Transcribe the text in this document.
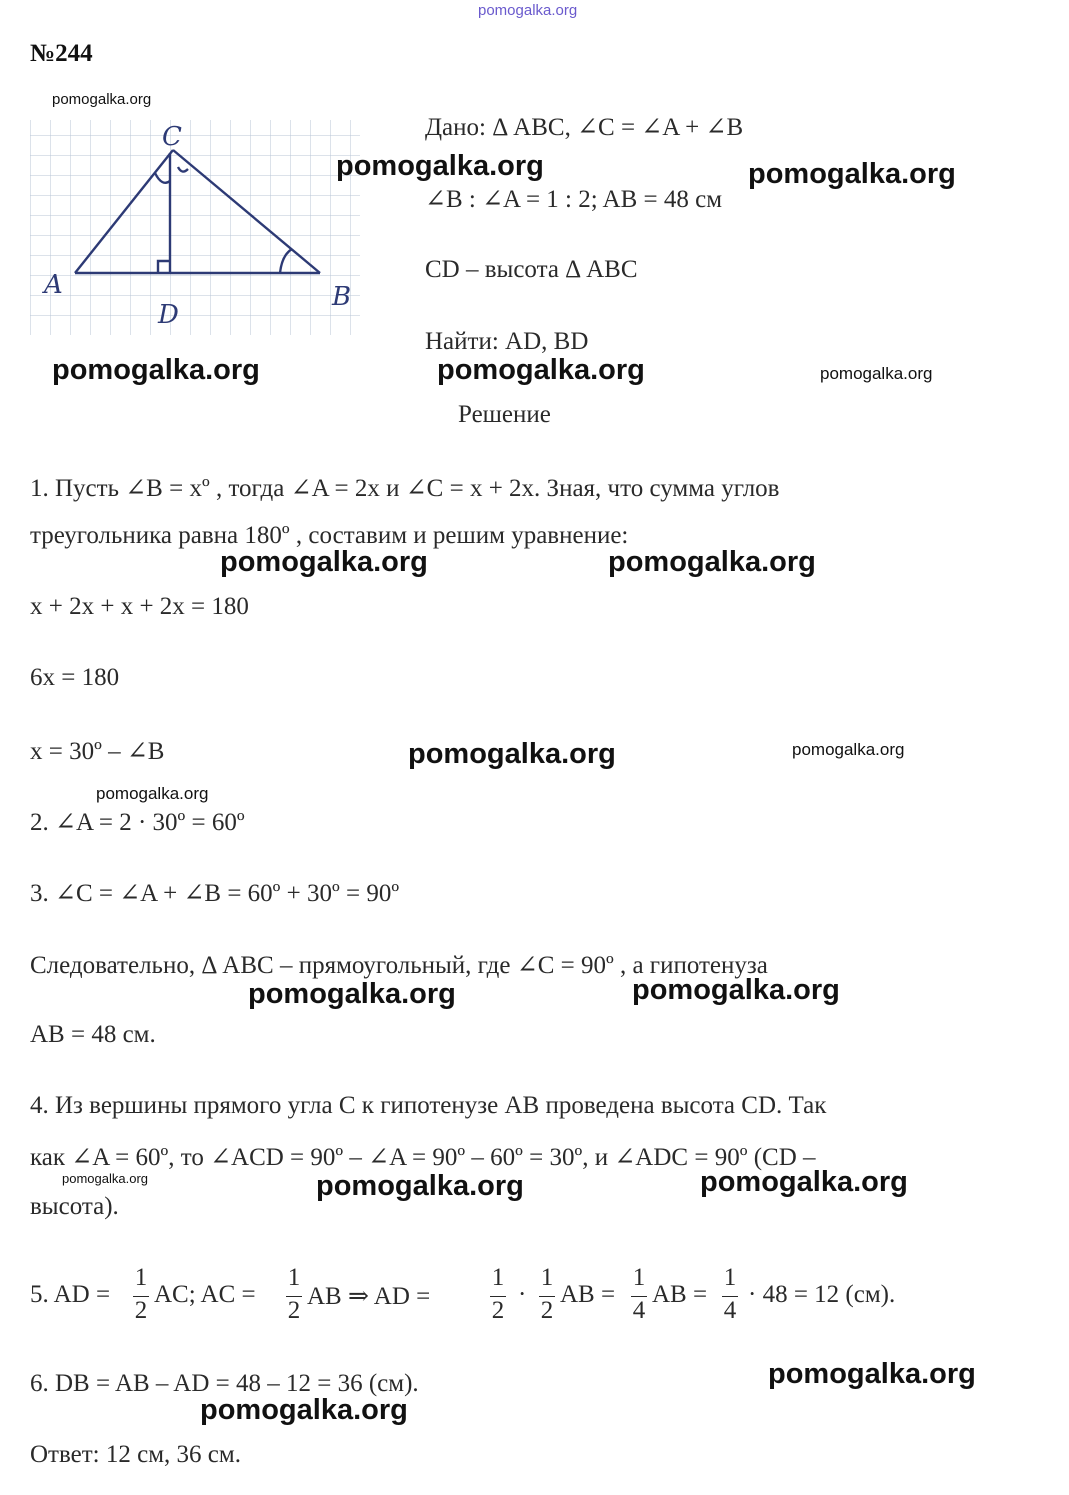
pomogalka.org
№244
pomogalka.org
A
C
B
D
Дано: Δ ABC, ∠C = ∠A + ∠B
∠B : ∠A = 1 : 2; AB = 48 см
CD – высота Δ ABC
Найти: AD, BD
Решение
1. Пусть ∠B = xº , тогда ∠A = 2x и ∠C = x + 2x. Зная, что сумма углов
треугольника равна 180º , составим и решим уравнение:
x + 2x + x + 2x = 180
6x = 180
x = 30º – ∠B
2. ∠A = 2 · 30º = 60º
3. ∠C = ∠A + ∠B = 60º + 30º = 90º
Следовательно, Δ ABC – прямоугольный, где ∠C = 90º , а гипотенуза
AB = 48 см.
4. Из вершины прямого угла C к гипотенузе AB проведена высота CD. Так
как ∠A = 60º, то ∠ACD = 90º – ∠A = 90º – 60º = 30º, и ∠ADC = 90º (CD –
высота).
5. AD =
1
2
AC; AC =
1
2
AB ⇒ AD =
1
2
·
1
2
AB =
1
4
AB =
1
4
· 48 = 12 (см).
6. DB = AB – AD = 48 – 12 = 36 (см).
Ответ: 12 см, 36 см.
pomogalka.org	pomogalka.org
pomogalka.org	pomogalka.org	pomogalka.org
pomogalka.org	pomogalka.org
pomogalka.org	pomogalka.org
pomogalka.org
pomogalka.org	pomogalka.org
pomogalka.org	pomogalka.org	pomogalka.org
pomogalka.org
pomogalka.org
